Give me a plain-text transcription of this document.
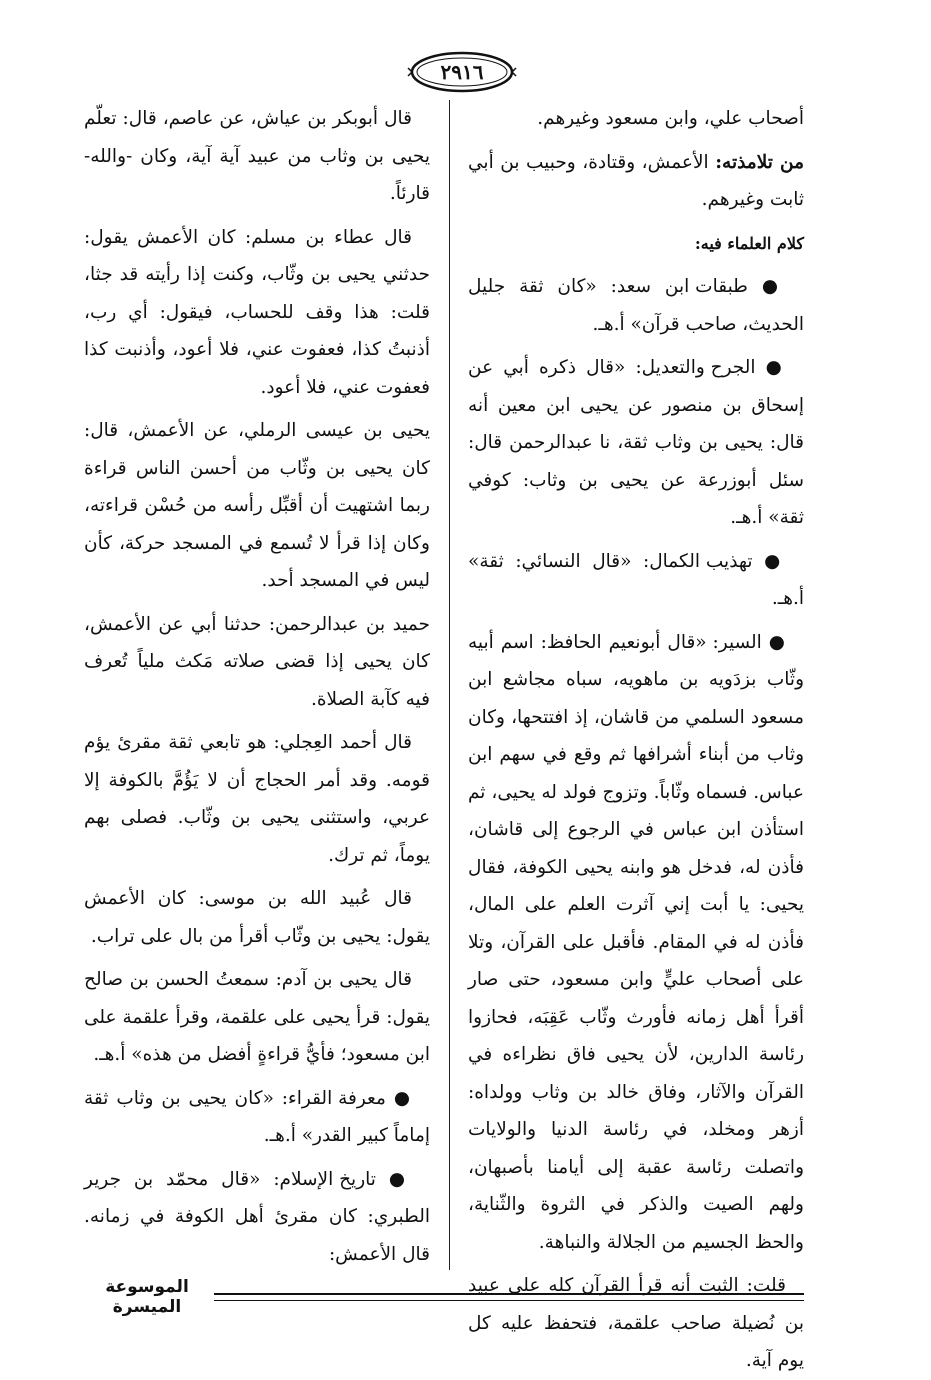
٢٩١٦

أصحاب علي، وابن مسعود وغيرهم.

من تلامذته: الأعمش، وقتادة، وحبيب بن أبي ثابت وغيرهم.

كلام العلماء فيه:

● طبقات ابن سعد: «كان ثقة جليل الحديث، صاحب قرآن» أ.هـ.

● الجرح والتعديل: «قال ذكره أبي عن إسحاق بن منصور عن يحيى ابن معين أنه قال: يحيى بن وثاب ثقة، نا عبدالرحمن قال: سئل أبوزرعة عن يحيى بن وثاب: كوفي ثقة» أ.هـ.

● تهذيب الكمال: «قال النسائي: ثقة» أ.هـ.

● السير: «قال أبونعيم الحافظ: اسم أبيه وثّاب بزدَويه بن ماهويه، سباه مجاشع ابن مسعود السلمي من قاشان، إذ افتتحها، وكان وثاب من أبناء أشرافها ثم وقع في سهم ابن عباس. فسماه وثّاباً. وتزوج فولد له يحيى، ثم استأذن ابن عباس في الرجوع إلى قاشان، فأذن له، فدخل هو وابنه يحيى الكوفة، فقال يحيى: يا أبت إني آثرت العلم على المال، فأذن له في المقام. فأقبل على القرآن، وتلا على أصحاب عليٍّ وابن مسعود، حتى صار أقرأ أهل زمانه فأورث وثّاب عَقِبَه، فحازوا رئاسة الدارين، لأن يحيى فاق نظراءه في القرآن والآثار، وفاق خالد بن وثاب وولداه: أزهر ومخلد، في رئاسة الدنيا والولايات واتصلت رئاسة عقبة إلى أيامنا بأصبهان، ولهم الصيت والذكر في الثروة والثّناية، والحظ الجسيم من الجلالة والنباهة.

قلت: الثبت أنه قرأ القرآن كله على عبيد بن نُضيلة صاحب علقمة، فتحفظ عليه كل يوم آية.

قال أبوبكر بن عياش، عن عاصم، قال: تعلّم يحيى بن وثاب من عبيد آية آية، وكان -والله- قارئاً.

قال عطاء بن مسلم: كان الأعمش يقول: حدثني يحيى بن وثّاب، وكنت إذا رأيته قد جثا، قلت: هذا وقف للحساب، فيقول: أي رب، أذنبتُ كذا، فعفوت عني، فلا أعود، وأذنبت كذا فعفوت عني، فلا أعود.

يحيى بن عيسى الرملي، عن الأعمش، قال: كان يحيى بن وثّاب من أحسن الناس قراءة ربما اشتهيت أن أقبِّل رأسه من حُسْن قراءته، وكان إذا قرأ لا تُسمع في المسجد حركة، كأن ليس في المسجد أحد.

حميد بن عبدالرحمن: حدثنا أبي عن الأعمش، كان يحيى إذا قضى صلاته مَكث ملياً تُعرف فيه كآبة الصلاة.

قال أحمد العِجلي: هو تابعي ثقة مقرئ يؤم قومه. وقد أمر الحجاج أن لا يَؤُمَّ بالكوفة إلا عربي، واستثنى يحيى بن وثّاب. فصلى بهم يوماً، ثم ترك.

قال عُبيد الله بن موسى: كان الأعمش يقول: يحيى بن وثّاب أقرأ من بال على تراب.

قال يحيى بن آدم: سمعتُ الحسن بن صالح يقول: قرأ يحيى على علقمة، وقرأ علقمة على ابن مسعود؛ فأيُّ قراءةٍ أفضل من هذه» أ.هـ.

● معرفة القراء: «كان يحيى بن وثاب ثقة إماماً كبير القدر» أ.هـ.

● تاريخ الإسلام: «قال محمّد بن جرير الطبري: كان مقرئ أهل الكوفة في زمانه. قال الأعمش:

الموسوعة الميسرة
